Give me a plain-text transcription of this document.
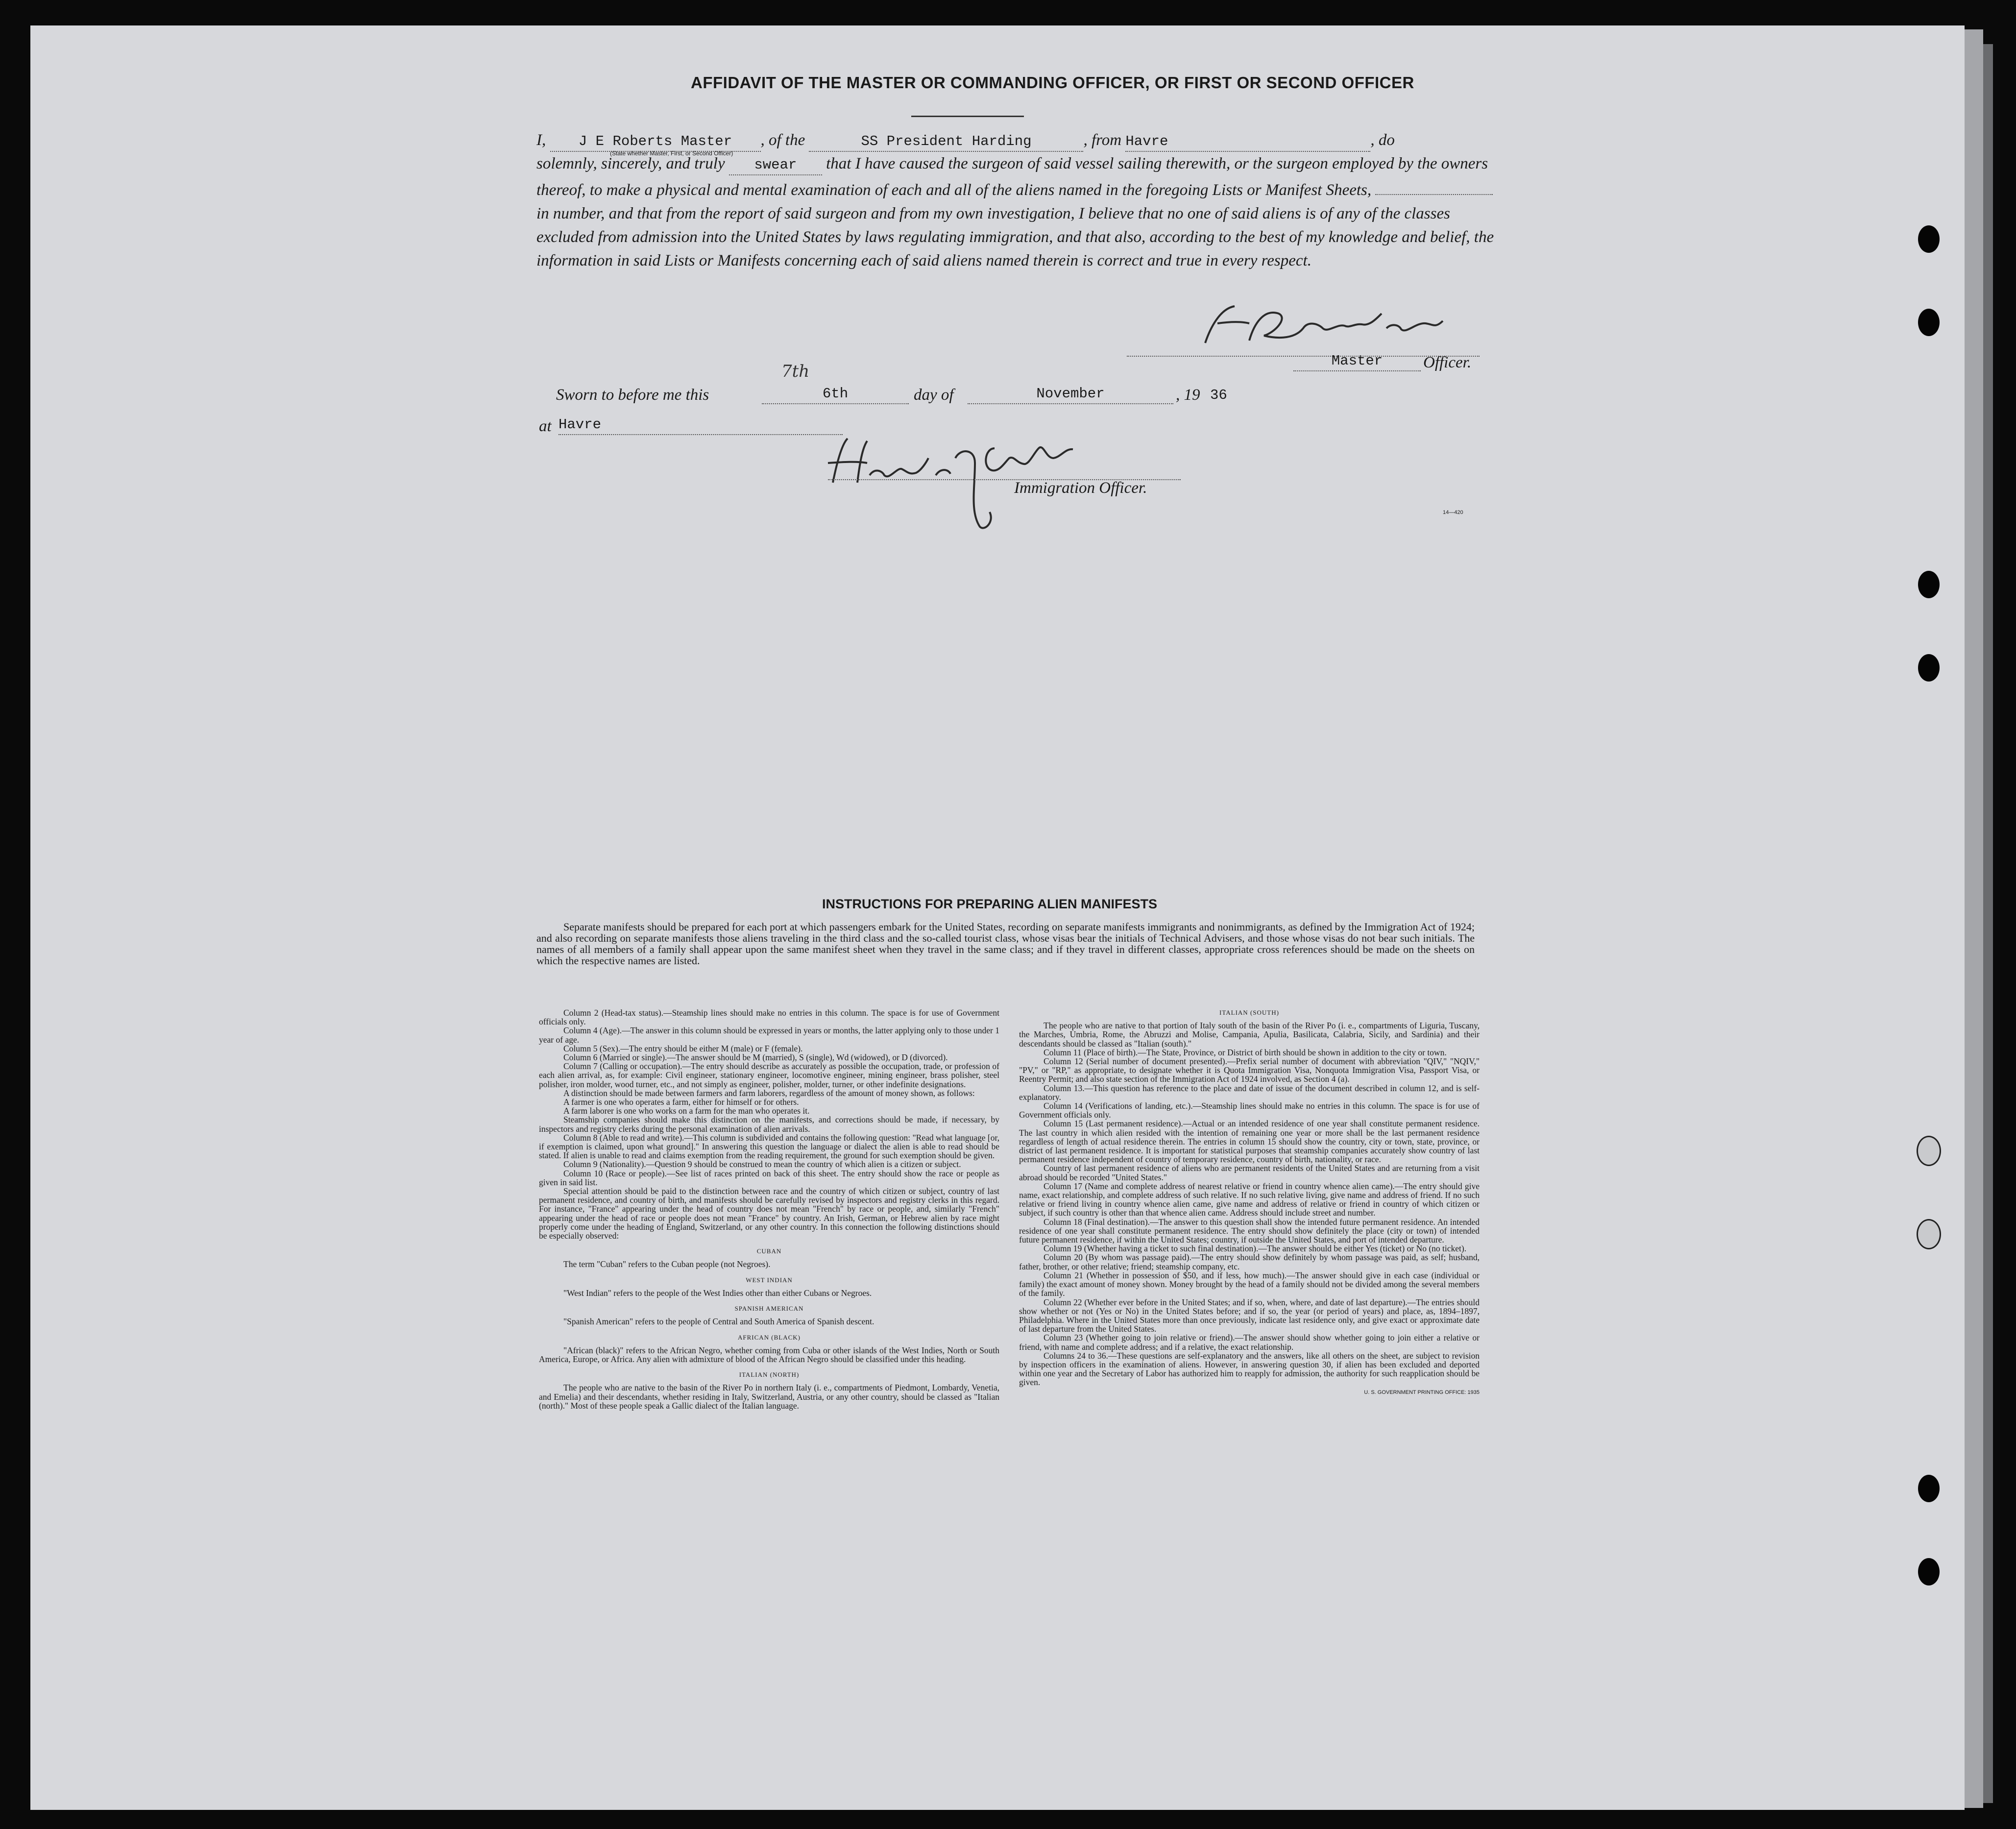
AFFIDAVIT OF THE MASTER OR COMMANDING OFFICER, OR FIRST OR SECOND OFFICER
I, J E Roberts Master , of the	SS President Harding	, from Havre	, do
solemnly, sincerely, and truly swear that I have caused the surgeon of said vessel sailing therewith, or the surgeon employed by the owners thereof, to make a physical and mental examination of each and all of the aliens named in the foregoing Lists or Manifest Sheets,  in number, and that from the report of said surgeon and from my own investigation, I believe that no one of said aliens is of any of the classes excluded from admission into the United States by laws regulating immigration, and that also, according to the best of my knowledge and belief, the information in said Lists or Manifests concerning each of said aliens named therein is correct and true in every respect.
(State whether Master, First, or Second Officer)
Master	Officer.
Sworn to before me this	6th
7th
day of	November	, 19 36
at Havre
Immigration Officer.
14—420
INSTRUCTIONS FOR PREPARING ALIEN MANIFESTS

Separate manifests should be prepared for each port at which passengers embark for the United States, recording on separate manifests immigrants and nonimmigrants, as defined by the Immigration Act of 1924; and also recording on separate manifests those aliens traveling in the third class and the so-called tourist class, whose visas bear the initials of Technical Advisers, and those whose visas do not bear such initials. The names of all members of a family shall appear upon the same manifest sheet when they travel in the same class; and if they travel in different classes, appropriate cross references should be made on the sheets on which the respective names are listed.

Column 2 (Head-tax status).—Steamship lines should make no entries in this column. The space is for use of Government officials only.

Column 4 (Age).—The answer in this column should be expressed in years or months, the latter applying only to those under 1 year of age.

Column 5 (Sex).—The entry should be either M (male) or F (female).

Column 6 (Married or single).—The answer should be M (married), S (single), Wd (widowed), or D (divorced).

Column 7 (Calling or occupation).—The entry should describe as accurately as possible the occupation, trade, or profession of each alien arrival, as, for example: Civil engineer, stationary engineer, locomotive engineer, mining engineer, brass polisher, steel polisher, iron molder, wood turner, etc., and not simply as engineer, polisher, molder, turner, or other indefinite designations.

A distinction should be made between farmers and farm laborers, regardless of the amount of money shown, as follows:

A farmer is one who operates a farm, either for himself or for others.

A farm laborer is one who works on a farm for the man who operates it.

Steamship companies should make this distinction on the manifests, and corrections should be made, if necessary, by inspectors and registry clerks during the personal examination of alien arrivals.

Column 8 (Able to read and write).—This column is subdivided and contains the following question: "Read what language [or, if exemption is claimed, upon what ground]." In answering this question the language or dialect the alien is able to read should be stated. If alien is unable to read and claims exemption from the reading requirement, the ground for such exemption should be given.

Column 9 (Nationality).—Question 9 should be construed to mean the country of which alien is a citizen or subject.

Column 10 (Race or people).—See list of races printed on back of this sheet. The entry should show the race or people as given in said list.

Special attention should be paid to the distinction between race and the country of which citizen or subject, country of last permanent residence, and country of birth, and manifests should be carefully revised by inspectors and registry clerks in this regard. For instance, "France" appearing under the head of country does not mean "French" by race or people, and, similarly "French" appearing under the head of race or people does not mean "France" by country. An Irish, German, or Hebrew alien by race might properly come under the heading of England, Switzerland, or any other country. In this connection the following distinctions should be especially observed:

CUBAN

The term "Cuban" refers to the Cuban people (not Negroes).

WEST INDIAN

"West Indian" refers to the people of the West Indies other than either Cubans or Negroes.

SPANISH AMERICAN

"Spanish American" refers to the people of Central and South America of Spanish descent.

AFRICAN (BLACK)

"African (black)" refers to the African Negro, whether coming from Cuba or other islands of the West Indies, North or South America, Europe, or Africa. Any alien with admixture of blood of the African Negro should be classified under this heading.

ITALIAN (NORTH)

The people who are native to the basin of the River Po in northern Italy (i. e., compartments of Piedmont, Lombardy, Venetia, and Emelia) and their descendants, whether residing in Italy, Switzerland, Austria, or any other country, should be classed as "Italian (north)." Most of these people speak a Gallic dialect of the Italian language.

ITALIAN (SOUTH)

The people who are native to that portion of Italy south of the basin of the River Po (i. e., compartments of Liguria, Tuscany, the Marches, Umbria, Rome, the Abruzzi and Molise, Campania, Apulia, Basilicata, Calabria, Sicily, and Sardinia) and their descendants should be classed as "Italian (south)."

Column 11 (Place of birth).—The State, Province, or District of birth should be shown in addition to the city or town.

Column 12 (Serial number of document presented).—Prefix serial number of document with abbreviation "QIV," "NQIV," "PV," or "RP," as appropriate, to designate whether it is Quota Immigration Visa, Nonquota Immigration Visa, Passport Visa, or Reentry Permit; and also state section of the Immigration Act of 1924 involved, as Section 4 (a).

Column 13.—This question has reference to the place and date of issue of the document described in column 12, and is self-explanatory.

Column 14 (Verifications of landing, etc.).—Steamship lines should make no entries in this column. The space is for use of Government officials only.

Column 15 (Last permanent residence).—Actual or an intended residence of one year shall constitute permanent residence. The last country in which alien resided with the intention of remaining one year or more shall be the last permanent residence regardless of length of actual residence therein. The entries in column 15 should show the country, city or town, state, province, or district of last permanent residence. It is important for statistical purposes that steamship companies accurately show country of last permanent residence independent of country of temporary residence, country of birth, nationality, or race.

Country of last permanent residence of aliens who are permanent residents of the United States and are returning from a visit abroad should be recorded "United States."

Column 17 (Name and complete address of nearest relative or friend in country whence alien came).—The entry should give name, exact relationship, and complete address of such relative. If no such relative living, give name and address of friend. If no such relative or friend living in country whence alien came, give name and address of relative or friend in country of which citizen or subject, if such country is other than that whence alien came. Address should include street and number.

Column 18 (Final destination).—The answer to this question shall show the intended future permanent residence. An intended residence of one year shall constitute permanent residence. The entry should show definitely the place (city or town) of intended future permanent residence, if within the United States; country, if outside the United States, and port of intended departure.

Column 19 (Whether having a ticket to such final destination).—The answer should be either Yes (ticket) or No (no ticket).

Column 20 (By whom was passage paid).—The entry should show definitely by whom passage was paid, as self; husband, father, brother, or other relative; friend; steamship company, etc.

Column 21 (Whether in possession of $50, and if less, how much).—The answer should give in each case (individual or family) the exact amount of money shown. Money brought by the head of a family should not be divided among the several members of the family.

Column 22 (Whether ever before in the United States; and if so, when, where, and date of last departure).—The entries should show whether or not (Yes or No) in the United States before; and if so, the year (or period of years) and place, as, 1894–1897, Philadelphia. Where in the United States more than once previously, indicate last residence only, and give exact or approximate date of last departure from the United States.

Column 23 (Whether going to join relative or friend).—The answer should show whether going to join either a relative or friend, with name and complete address; and if a relative, the exact relationship.

Columns 24 to 36.—These questions are self-explanatory and the answers, like all others on the sheet, are subject to revision by inspection officers in the examination of aliens. However, in answering question 30, if alien has been excluded and deported within one year and the Secretary of Labor has authorized him to reapply for admission, the authority for such reapplication should be given.

U. S. GOVERNMENT PRINTING OFFICE: 1935
